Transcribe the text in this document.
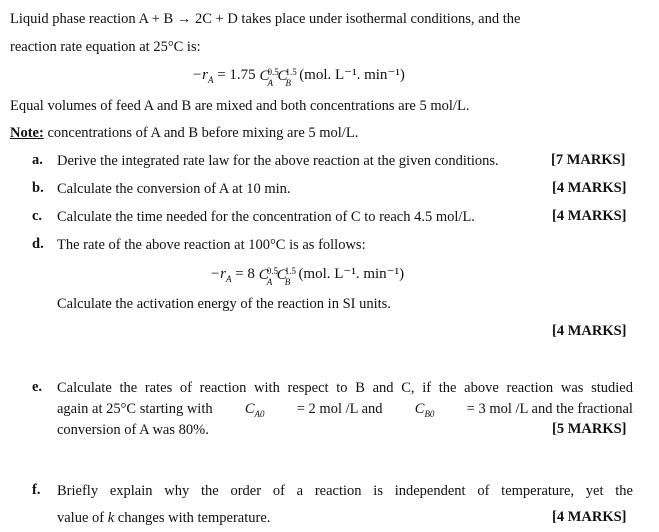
Liquid phase reaction A + B → 2C + D takes place under isothermal conditions, and the
reaction rate equation at 25°C is:
$-r_A = 1.75$ C
0.5
A C
1.5
B (mol. L⁻¹. min⁻¹)
Equal volumes of feed A and B are mixed and both concentrations are 5 mol/L.
Note: concentrations of A and B before mixing are 5 mol/L.
a. Derive the integrated rate law for the above reaction at the given conditions.	[7 MARKS]
b. Calculate the conversion of A at 10 min.	[4 MARKS]
c. Calculate the time needed for the concentration of C to reach 4.5 mol/L.	[4 MARKS]
d. The rate of the above reaction at 100°C is as follows:
$-r_A = 8$ C
0.5
A C
1.5
B (mol. L⁻¹. min⁻¹)
Calculate the activation energy of the reaction in SI units.
[4 MARKS]
e. Calculate the rates of reaction with respect to B and C, if the above reaction was studied
again at 25°C starting with $C_{A0} = 2$ mol /L and $C_{B0} = 3$ mol /L and the fractional
conversion of A was 80%.	[5 MARKS]
f. Briefly explain why the order of a reaction is independent of temperature, yet the
value of k changes with temperature.	[4 MARKS]
